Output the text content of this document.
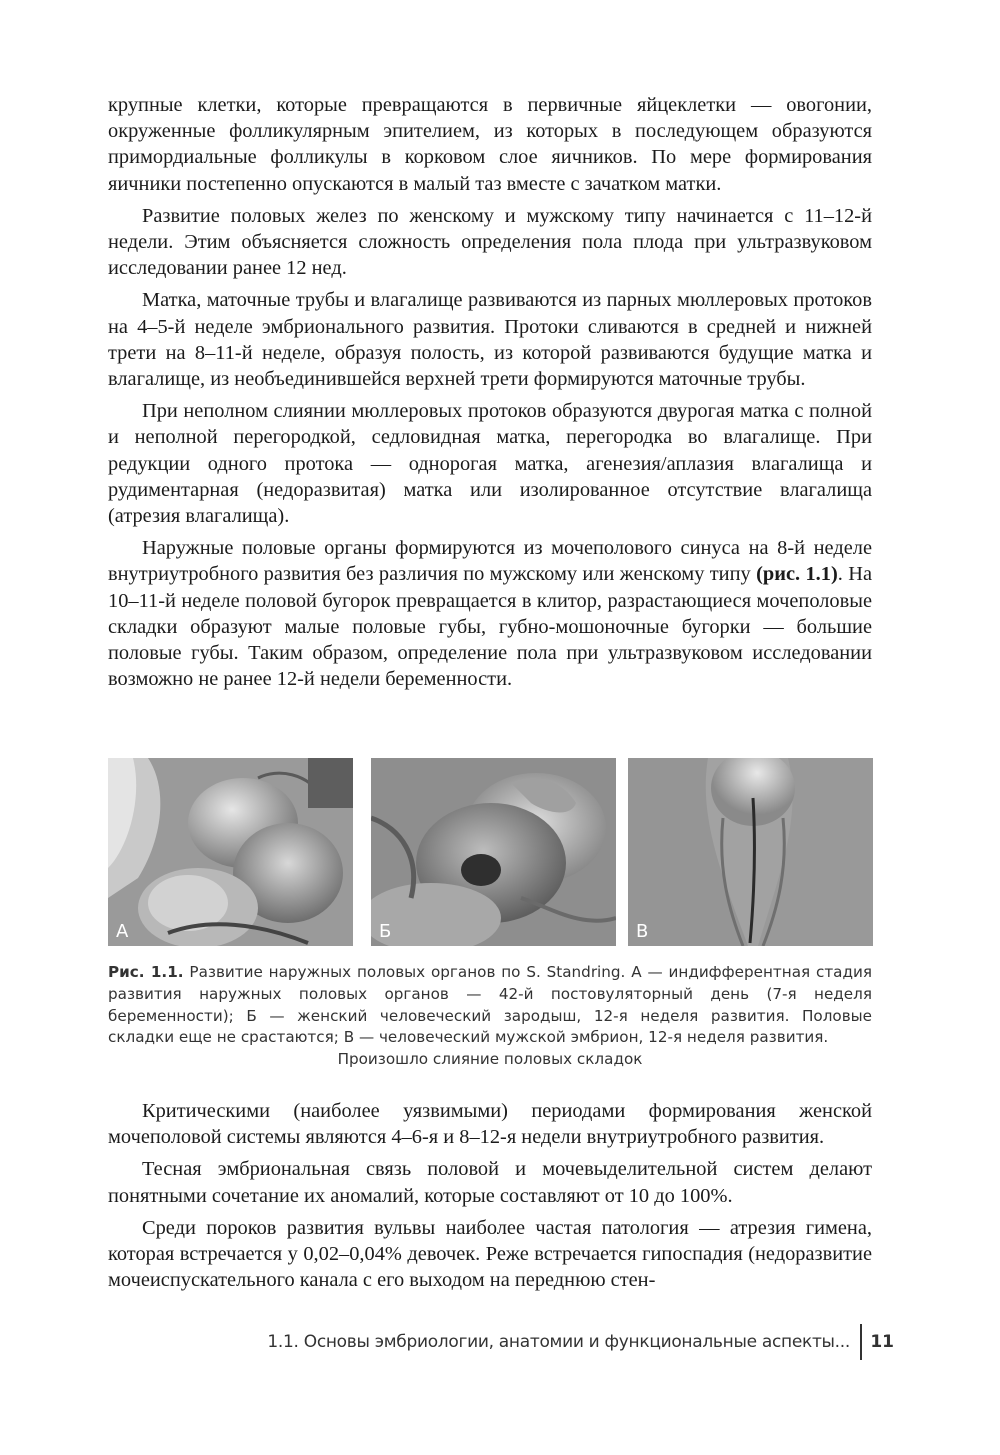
крупные клетки, которые превращаются в первичные яйцеклетки — овогонии, окруженные фолликулярным эпителием, из которых в последующем образуются примордиальные фолликулы в корковом слое яичников. По мере формирования яичники постепенно опускаются в малый таз вместе с зачатком матки.

Развитие половых желез по женскому и мужскому типу начинается с 11–12-й недели. Этим объясняется сложность определения пола плода при ультразвуковом исследовании ранее 12 нед.

Матка, маточные трубы и влагалище развиваются из парных мюллеровых протоков на 4–5-й неделе эмбрионального развития. Протоки сливаются в средней и нижней трети на 8–11-й неделе, образуя полость, из которой развиваются будущие матка и влагалище, из необъединившейся верхней трети формируются маточные трубы.

При неполном слиянии мюллеровых протоков образуются двурогая матка с полной и неполной перегородкой, седловидная матка, перегородка во влагалище. При редукции одного протока — однорогая матка, агенезия/аплазия влагалища и рудиментарная (недоразвитая) матка или изолированное отсутствие влагалища (атрезия влагалища).

Наружные половые органы формируются из мочеполового синуса на 8-й неделе внутриутробного развития без различия по мужскому или женскому типу (рис. 1.1). На 10–11-й неделе половой бугорок превращается в клитор, разрастающиеся мочеполовые складки образуют малые половые губы, губно-мошоночные бугорки — большие половые губы. Таким образом, определение пола при ультразвуковом исследовании возможно не ранее 12-й недели беременности.

А	Б	В
Рис. 1.1. Развитие наружных половых органов по S. Standring. А — индифферентная стадия развития наружных половых органов — 42-й постовуляторный день (7-я неделя беременности); Б — женский человеческий зародыш, 12-я неделя развития. Половые складки еще не срастаются; В — человеческий мужской эмбрион, 12-я неделя развития.
Произошло слияние половых складок

Критическими (наиболее уязвимыми) периодами формирования женской мочеполовой системы являются 4–6-я и 8–12-я недели внутриутробного развития.

Тесная эмбриональная связь половой и мочевыделительной систем делают понятными сочетание их аномалий, которые составляют от 10 до 100%.

Среди пороков развития вульвы наиболее частая патология — атрезия гимена, которая встречается у 0,02–0,04% девочек. Реже встречается гипоспадия (недоразвитие мочеиспускательного канала с его выходом на переднюю стен-

1.1. Основы эмбриологии, анатомии и функциональные аспекты... 11
